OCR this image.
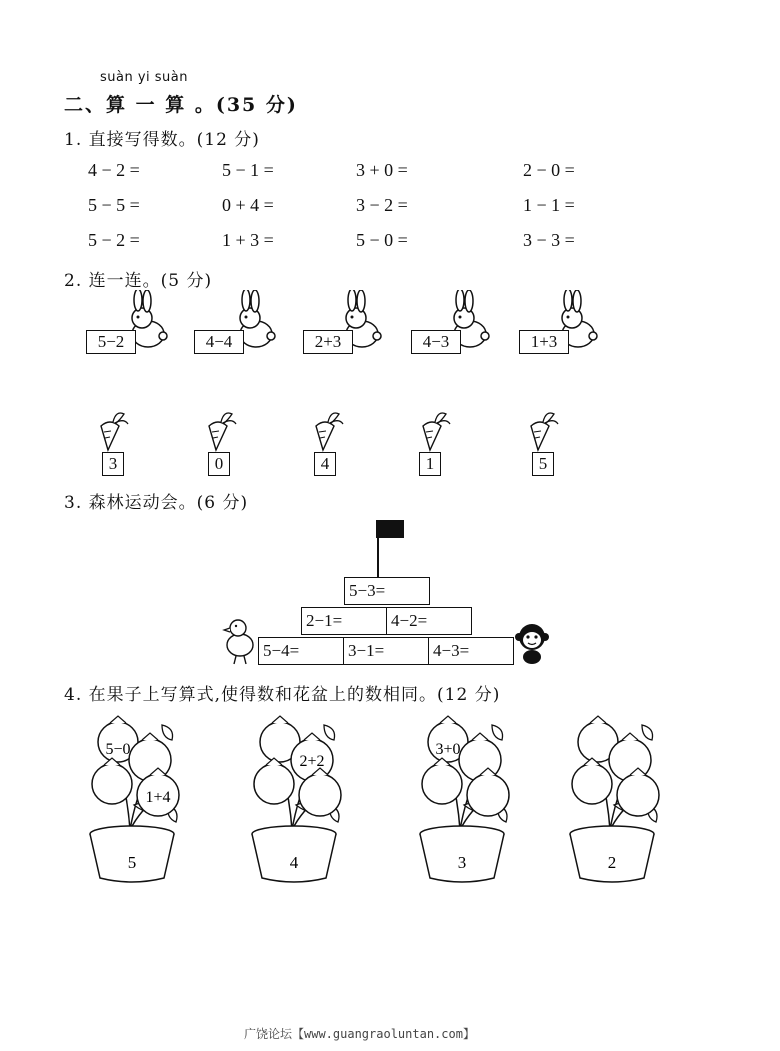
suàn yi suàn
二、算 一 算 。(35 分)
1. 直接写得数。(12 分)
4 − 2 =	5 − 1 =	3 + 0 =	2 − 0 =
5 − 5 =	0 + 4 =	3 − 2 =	1 − 1 =
5 − 2 =	1 + 3 =	5 − 0 =	3 − 3 =
2. 连一连。(5 分)
5−2	4−4	2+3	4−3	1+3
3	0	4	1	5
3. 森林运动会。(6 分)
5−3=
2−1=	4−2=
5−4=	3−1=	4−3=
4. 在果子上写算式,使得数和花盆上的数相同。(12 分)
5−0
1+4
5
2+2
4
3+0
3	2
广饶论坛【www.guangraoluntan.com】
